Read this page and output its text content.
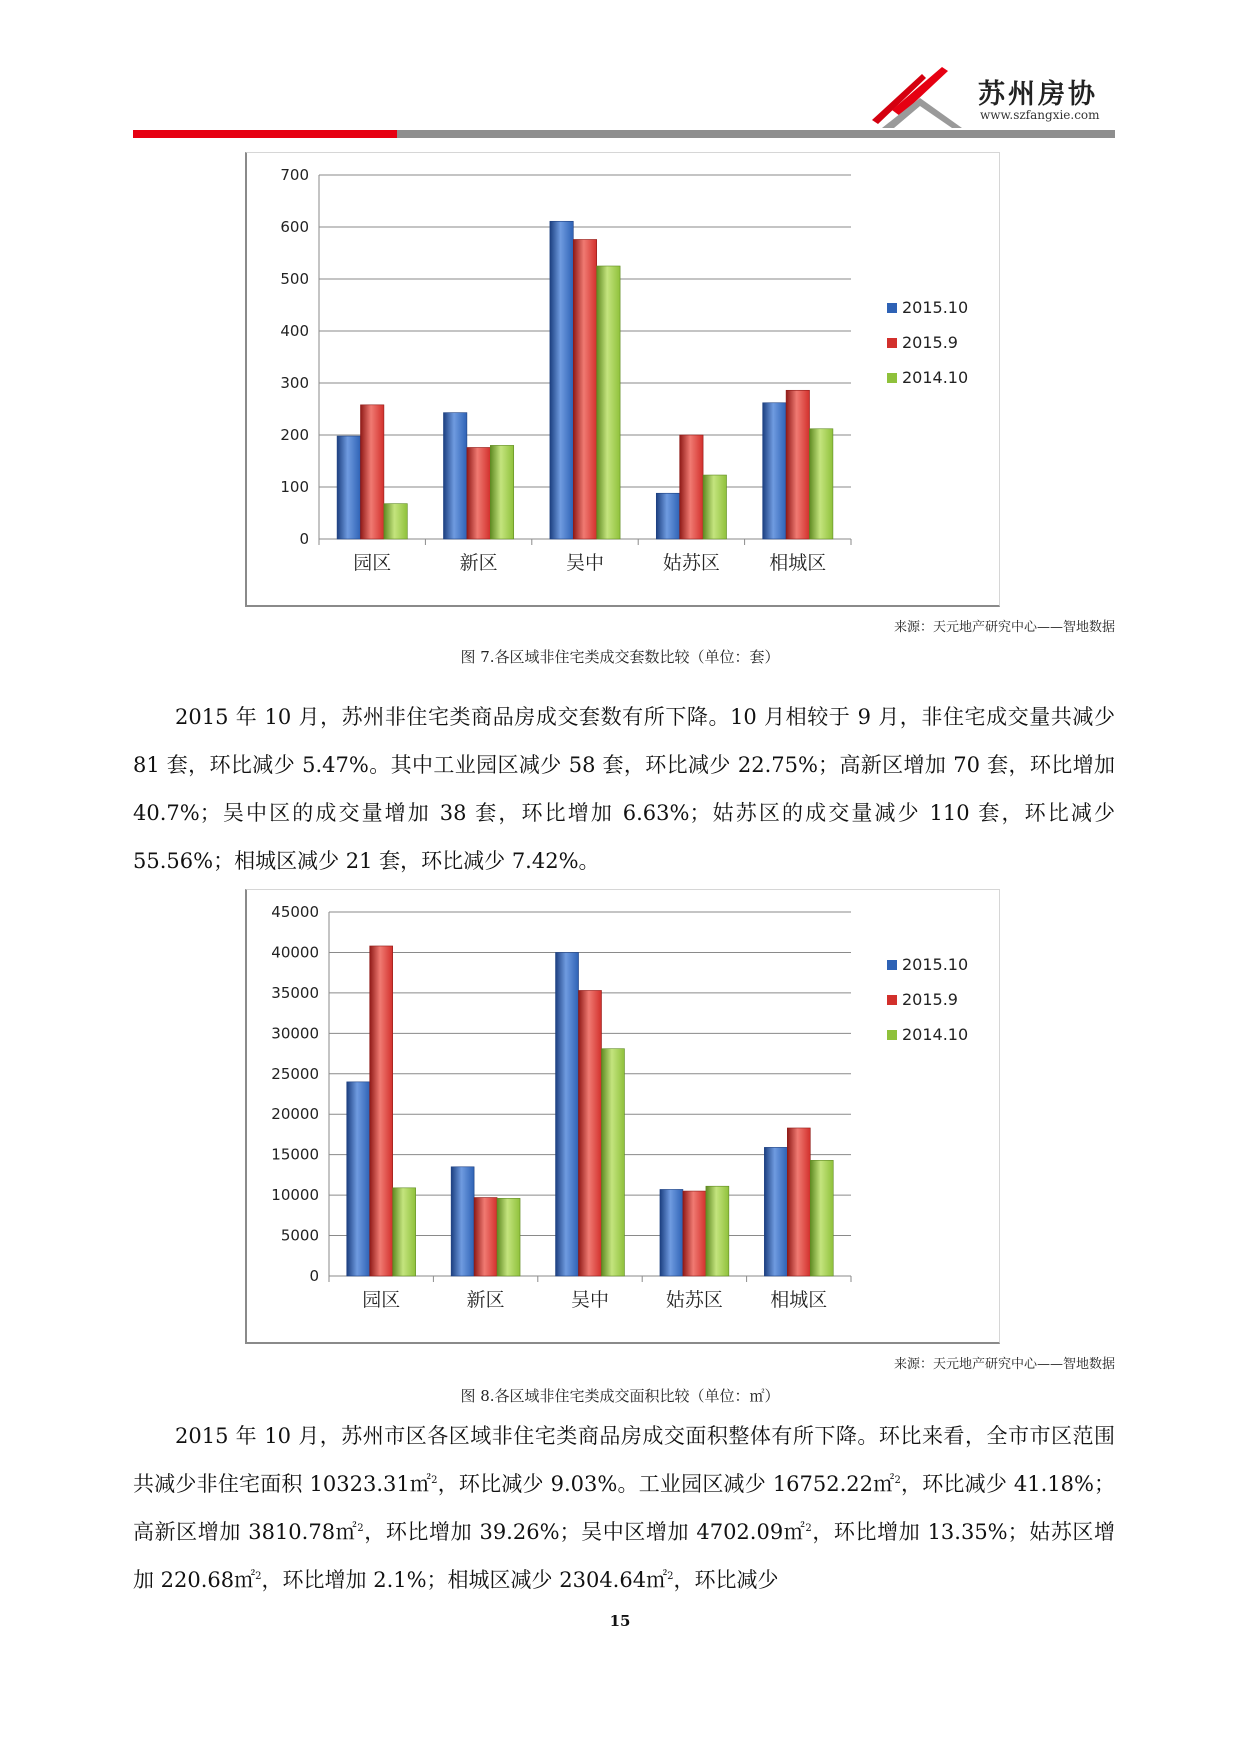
苏州房协
www.szfangxie.com
0
100
200
300
400
500
600
700
园区	新区	吴中	姑苏区	相城区
2015.10
2015.9
2014.10
来源：天元地产研究中心——智地数据
图 7.各区域非住宅类成交套数比较（单位：套）
2015 年 10 月，苏州非住宅类商品房成交套数有所下降。10 月相较于 9 月，非住宅成交量共减少 81 套，环比减少 5.47%。其中工业园区减少 58 套，环比减少 22.75%；高新区增加 70 套，环比增加 40.7%；吴中区的成交量增加 38 套，环比增加 6.63%；姑苏区的成交量减少 110 套，环比减少 55.56%；相城区减少 21 套，环比减少 7.42%。
0
5000
10000
15000
20000
25000
30000
35000
40000
45000
园区	新区	吴中	姑苏区 相城区
2015.10
2015.9
2014.10
来源：天元地产研究中心——智地数据
图 8.各区域非住宅类成交面积比较（单位：㎡）
2015 年 10 月，苏州市区各区域非住宅类商品房成交面积整体有所下降。环比来看，全市市区范围共减少非住宅面积 10323.31㎡$^2$，环比减少 9.03%。工业园区减少 16752.22㎡$^2$，环比减少 41.18%；高新区增加 3810.78㎡$^2$，环比增加 39.26%；吴中区增加 4702.09㎡$^2$，环比增加 13.35%；姑苏区增加 220.68㎡$^2$，环比增加 2.1%；相城区减少 2304.64㎡$^2$，环比减少
15
